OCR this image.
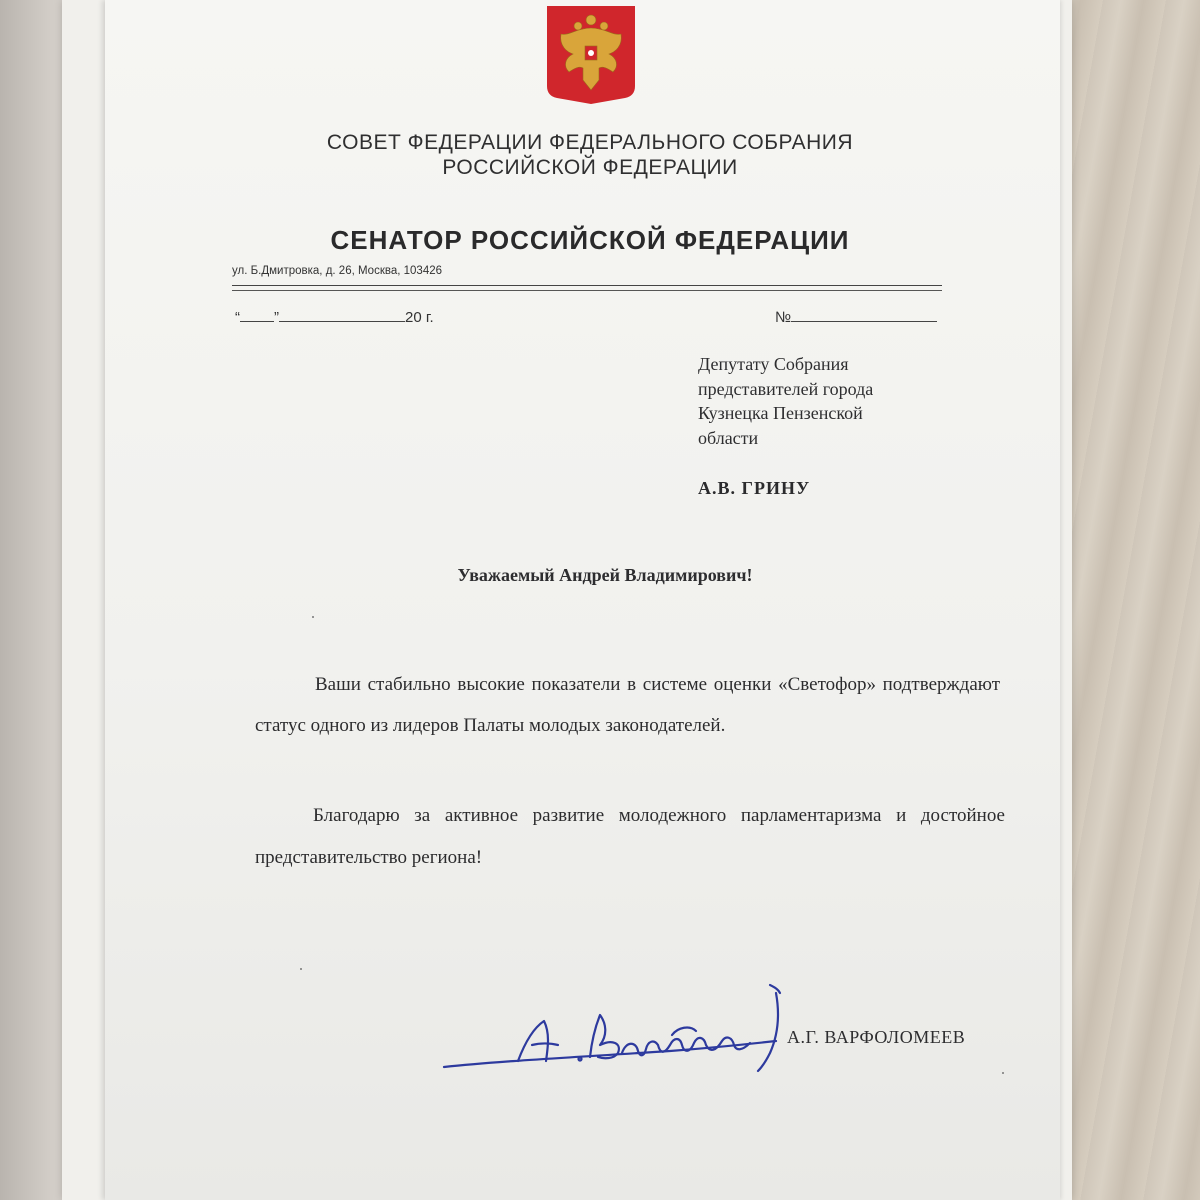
СОВЕТ ФЕДЕРАЦИИ ФЕДЕРАЛЬНОГО СОБРАНИЯ
РОССИЙСКОЙ ФЕДЕРАЦИИ
СЕНАТОР РОССИЙСКОЙ ФЕДЕРАЦИИ
ул. Б.Дмитровка, д. 26, Москва, 103426
“ ”	20 г.	№
Депутату Собрания
представителей города
Кузнецка Пензенской
области
А.В. ГРИНУ
Уважаемый Андрей Владимирович!
Ваши стабильно высокие показатели в системе оценки «Светофор» подтверждают статус одного из лидеров Палаты молодых законодателей.
Благодарю за активное развитие молодежного парламентаризма и достойное представительство региона!
А.Г. ВАРФОЛОМЕЕВ
